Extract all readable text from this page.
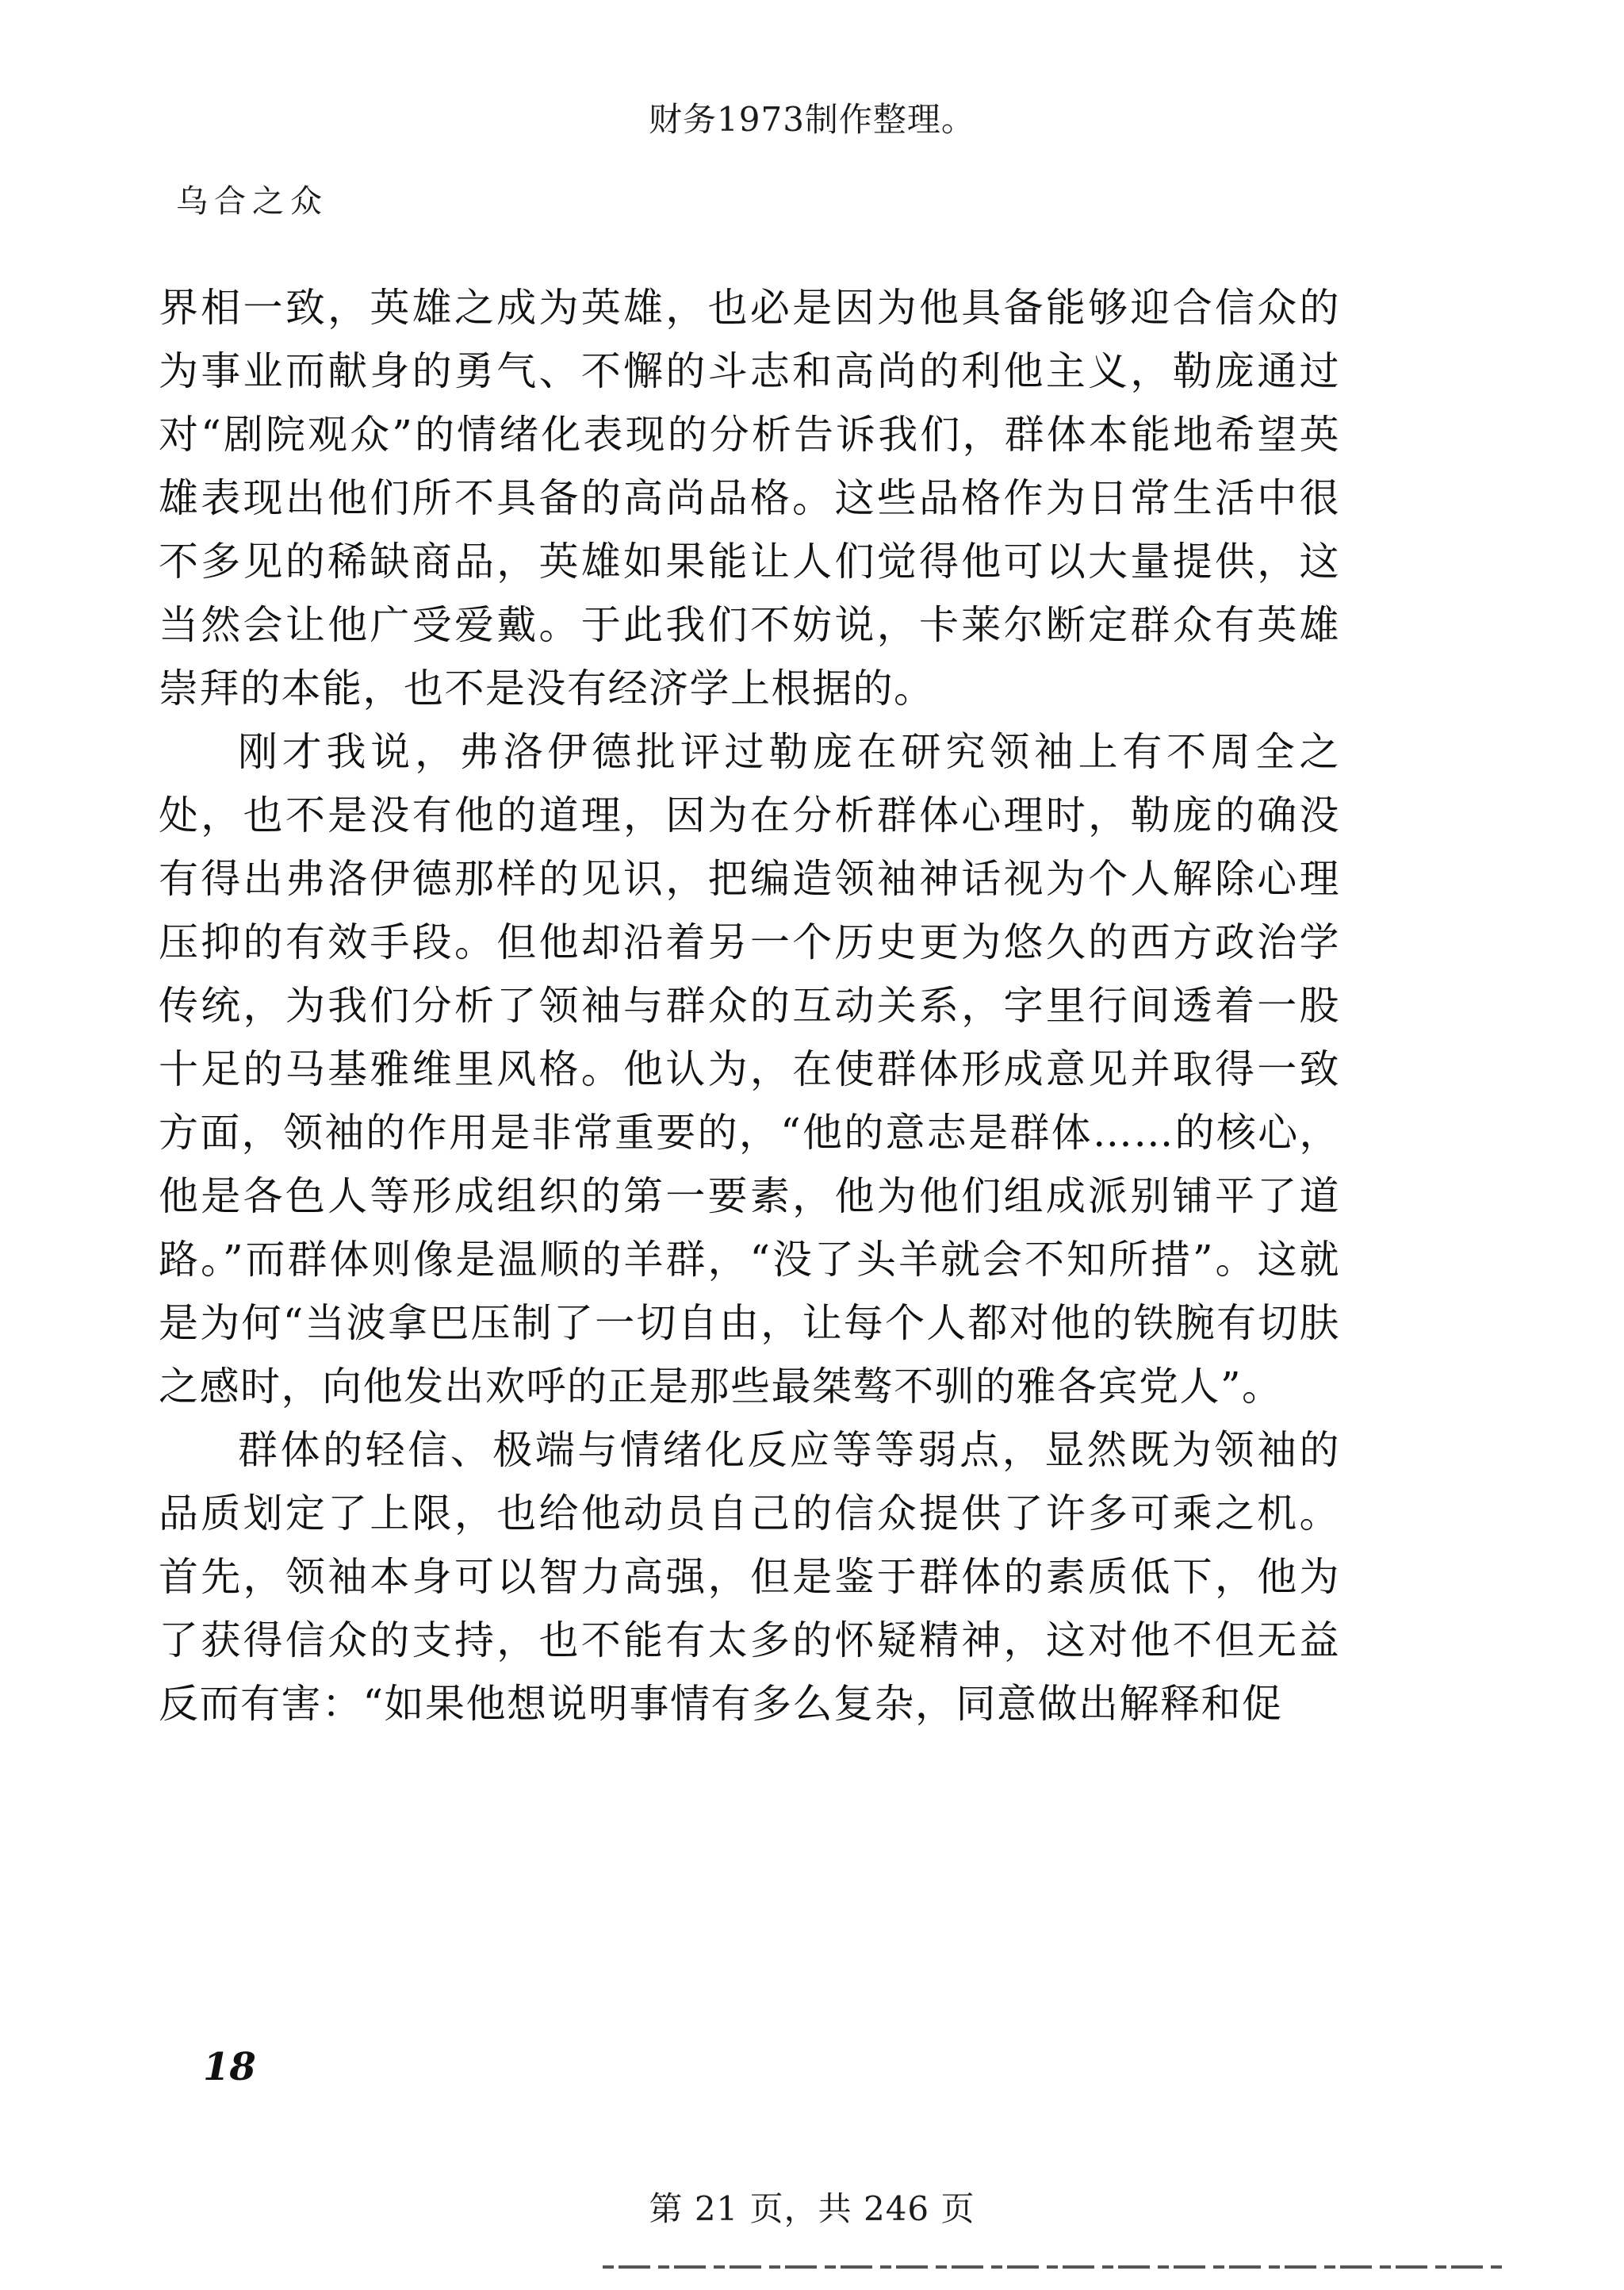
财务1973制作整理。
乌合之众

界相一致，英雄之成为英雄，也必是因为他具备能够迎合信众的为事业而献身的勇气、不懈的斗志和高尚的利他主义，勒庞通过对“剧院观众”的情绪化表现的分析告诉我们，群体本能地希望英雄表现出他们所不具备的高尚品格。这些品格作为日常生活中很不多见的稀缺商品，英雄如果能让人们觉得他可以大量提供，这当然会让他广受爱戴。于此我们不妨说，卡莱尔断定群众有英雄崇拜的本能，也不是没有经济学上根据的。

刚才我说，弗洛伊德批评过勒庞在研究领袖上有不周全之处，也不是没有他的道理，因为在分析群体心理时，勒庞的确没有得出弗洛伊德那样的见识，把编造领袖神话视为个人解除心理压抑的有效手段。但他却沿着另一个历史更为悠久的西方政治学传统，为我们分析了领袖与群众的互动关系，字里行间透着一股十足的马基雅维里风格。他认为，在使群体形成意见并取得一致方面，领袖的作用是非常重要的，“他的意志是群体……的核心，他是各色人等形成组织的第一要素，他为他们组成派别铺平了道路。”而群体则像是温顺的羊群，“没了头羊就会不知所措”。这就是为何“当波拿巴压制了一切自由，让每个人都对他的铁腕有切肤之感时，向他发出欢呼的正是那些最桀骜不驯的雅各宾党人”。

群体的轻信、极端与情绪化反应等等弱点，显然既为领袖的品质划定了上限，也给他动员自己的信众提供了许多可乘之机。首先，领袖本身可以智力高强，但是鉴于群体的素质低下，他为了获得信众的支持，也不能有太多的怀疑精神，这对他不但无益反而有害：“如果他想说明事情有多么复杂，同意做出解释和促

18
第 21 页，共 246 页
